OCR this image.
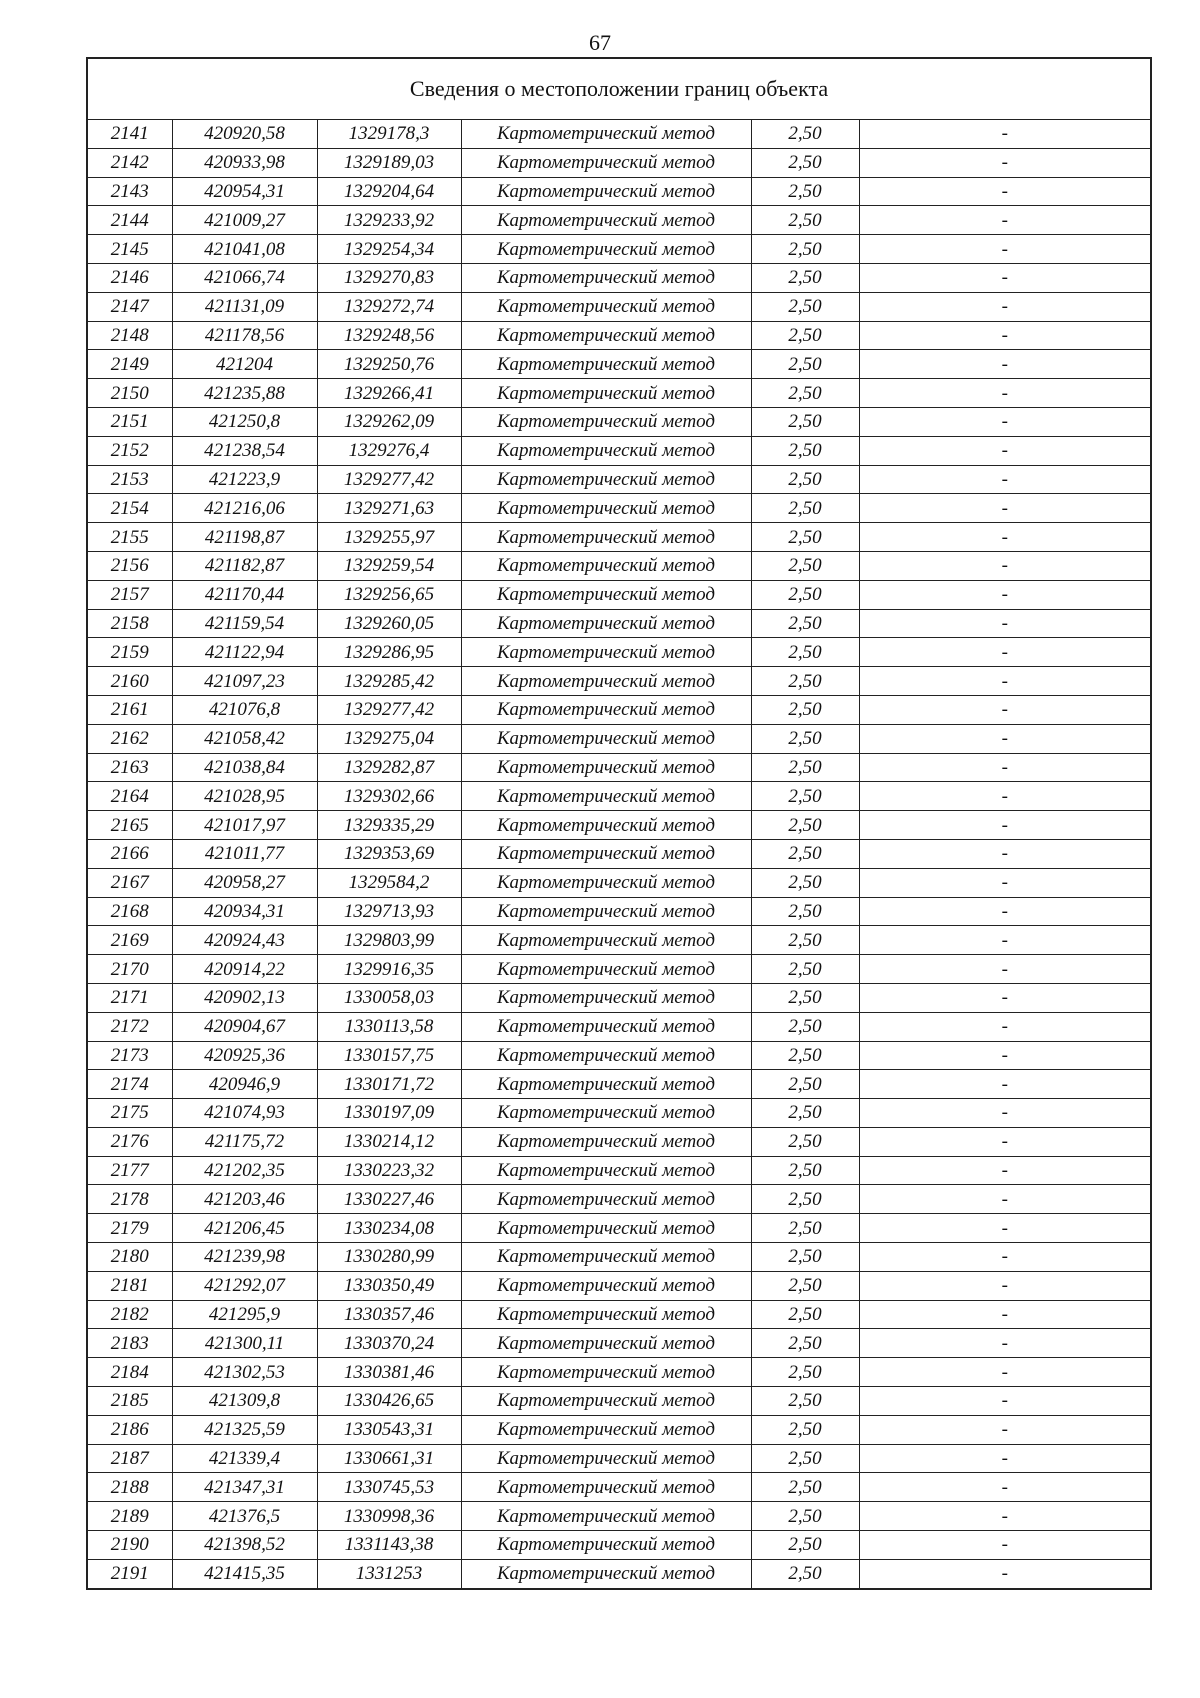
67
Сведения о местоположении границ объекта					
2141	420920,58	1329178,3	Картометрический метод	2,50	-
2142	420933,98	1329189,03	Картометрический метод	2,50	-
2143	420954,31	1329204,64	Картометрический метод	2,50	-
2144	421009,27	1329233,92	Картометрический метод	2,50	-
2145	421041,08	1329254,34	Картометрический метод	2,50	-
2146	421066,74	1329270,83	Картометрический метод	2,50	-
2147	421131,09	1329272,74	Картометрический метод	2,50	-
2148	421178,56	1329248,56	Картометрический метод	2,50	-
2149	421204	1329250,76	Картометрический метод	2,50	-
2150	421235,88	1329266,41	Картометрический метод	2,50	-
2151	421250,8	1329262,09	Картометрический метод	2,50	-
2152	421238,54	1329276,4	Картометрический метод	2,50	-
2153	421223,9	1329277,42	Картометрический метод	2,50	-
2154	421216,06	1329271,63	Картометрический метод	2,50	-
2155	421198,87	1329255,97	Картометрический метод	2,50	-
2156	421182,87	1329259,54	Картометрический метод	2,50	-
2157	421170,44	1329256,65	Картометрический метод	2,50	-
2158	421159,54	1329260,05	Картометрический метод	2,50	-
2159	421122,94	1329286,95	Картометрический метод	2,50	-
2160	421097,23	1329285,42	Картометрический метод	2,50	-
2161	421076,8	1329277,42	Картометрический метод	2,50	-
2162	421058,42	1329275,04	Картометрический метод	2,50	-
2163	421038,84	1329282,87	Картометрический метод	2,50	-
2164	421028,95	1329302,66	Картометрический метод	2,50	-
2165	421017,97	1329335,29	Картометрический метод	2,50	-
2166	421011,77	1329353,69	Картометрический метод	2,50	-
2167	420958,27	1329584,2	Картометрический метод	2,50	-
2168	420934,31	1329713,93	Картометрический метод	2,50	-
2169	420924,43	1329803,99	Картометрический метод	2,50	-
2170	420914,22	1329916,35	Картометрический метод	2,50	-
2171	420902,13	1330058,03	Картометрический метод	2,50	-
2172	420904,67	1330113,58	Картометрический метод	2,50	-
2173	420925,36	1330157,75	Картометрический метод	2,50	-
2174	420946,9	1330171,72	Картометрический метод	2,50	-
2175	421074,93	1330197,09	Картометрический метод	2,50	-
2176	421175,72	1330214,12	Картометрический метод	2,50	-
2177	421202,35	1330223,32	Картометрический метод	2,50	-
2178	421203,46	1330227,46	Картометрический метод	2,50	-
2179	421206,45	1330234,08	Картометрический метод	2,50	-
2180	421239,98	1330280,99	Картометрический метод	2,50	-
2181	421292,07	1330350,49	Картометрический метод	2,50	-
2182	421295,9	1330357,46	Картометрический метод	2,50	-
2183	421300,11	1330370,24	Картометрический метод	2,50	-
2184	421302,53	1330381,46	Картометрический метод	2,50	-
2185	421309,8	1330426,65	Картометрический метод	2,50	-
2186	421325,59	1330543,31	Картометрический метод	2,50	-
2187	421339,4	1330661,31	Картометрический метод	2,50	-
2188	421347,31	1330745,53	Картометрический метод	2,50	-
2189	421376,5	1330998,36	Картометрический метод	2,50	-
2190	421398,52	1331143,38	Картометрический метод	2,50	-
2191	421415,35	1331253	Картометрический метод	2,50	-
